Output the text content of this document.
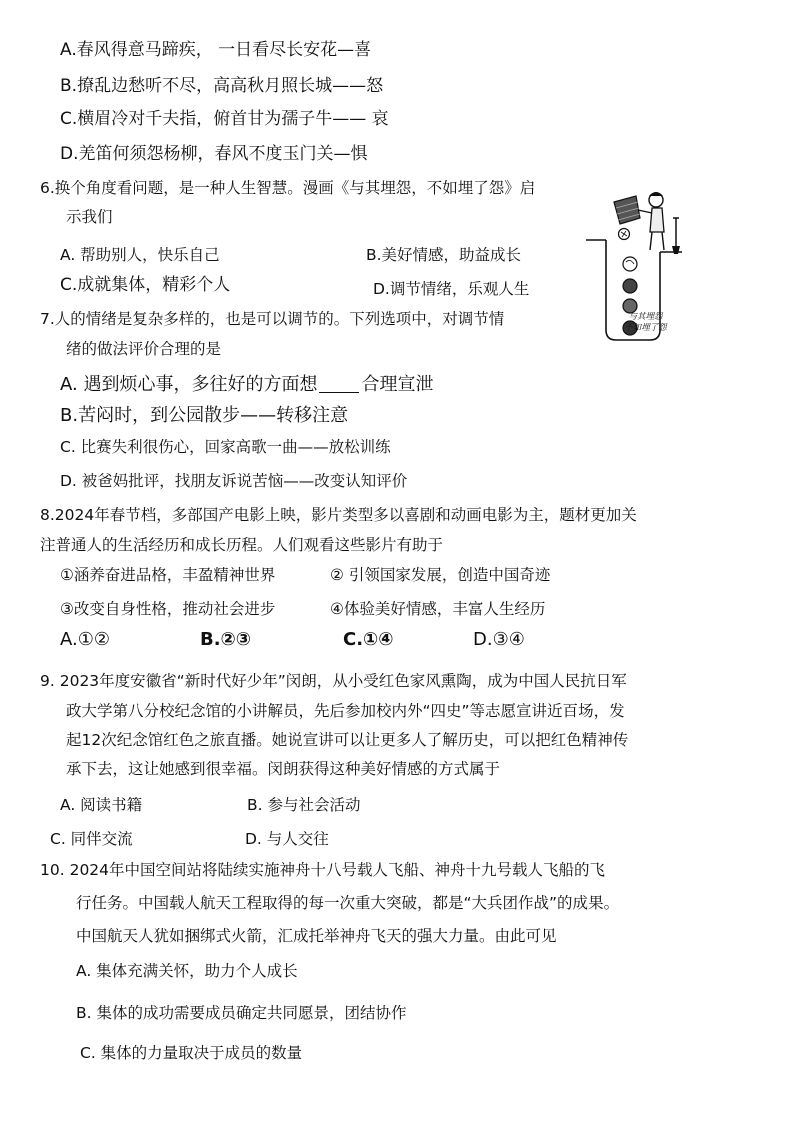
A.春风得意马蹄疾， 一日看尽长安花—喜
B.撩乱边愁听不尽，高高秋月照长城——怒
C.横眉冷对千夫指，俯首甘为孺子牛—— 哀
D.羌笛何须怨杨柳，春风不度玉门关—惧
6.换个角度看问题，是一种人生智慧。漫画《与其埋怨，不如埋了怨》启
示我们
A. 帮助别人，快乐自己	B.美好情感，助益成长
C.成就集体，精彩个人	D.调节情绪，乐观人生
与其埋怨
不如埋了怨
7.人的情绪是复杂多样的，也是可以调节的。下列选项中，对调节情
绪的做法评价合理的是
A. 遇到烦心事，多往好的方面想 合理宣泄
B.苦闷时，到公园散步——转移注意
C. 比赛失利很伤心，回家高歌一曲——放松训练
D. 被爸妈批评，找朋友诉说苦恼——改变认知评价
8.2024年春节档，多部国产电影上映，影片类型多以喜剧和动画电影为主，题材更加关
注普通人的生活经历和成长历程。人们观看这些影片有助于
①涵养奋进品格，丰盈精神世界	② 引领国家发展，创造中国奇迹
③改变自身性格，推动社会进步	④体验美好情感，丰富人生经历
A.①②	B.②③	C.①④	D.③④
9. 2023年度安徽省“新时代好少年”闵朗，从小受红色家风熏陶，成为中国人民抗日军
政大学第八分校纪念馆的小讲解员，先后参加校内外“四史”等志愿宣讲近百场，发
起12次纪念馆红色之旅直播。她说宣讲可以让更多人了解历史，可以把红色精神传
承下去，这让她感到很幸福。闵朗获得这种美好情感的方式属于
A. 阅读书籍	B. 参与社会活动
C. 同伴交流	D. 与人交往
10. 2024年中国空间站将陆续实施神舟十八号载人飞船、神舟十九号载人飞船的飞
行任务。中国载人航天工程取得的每一次重大突破，都是“大兵团作战”的成果。
中国航天人犹如捆绑式火箭，汇成托举神舟飞天的强大力量。由此可见
A. 集体充满关怀，助力个人成长
B. 集体的成功需要成员确定共同愿景，团结协作
C. 集体的力量取决于成员的数量
